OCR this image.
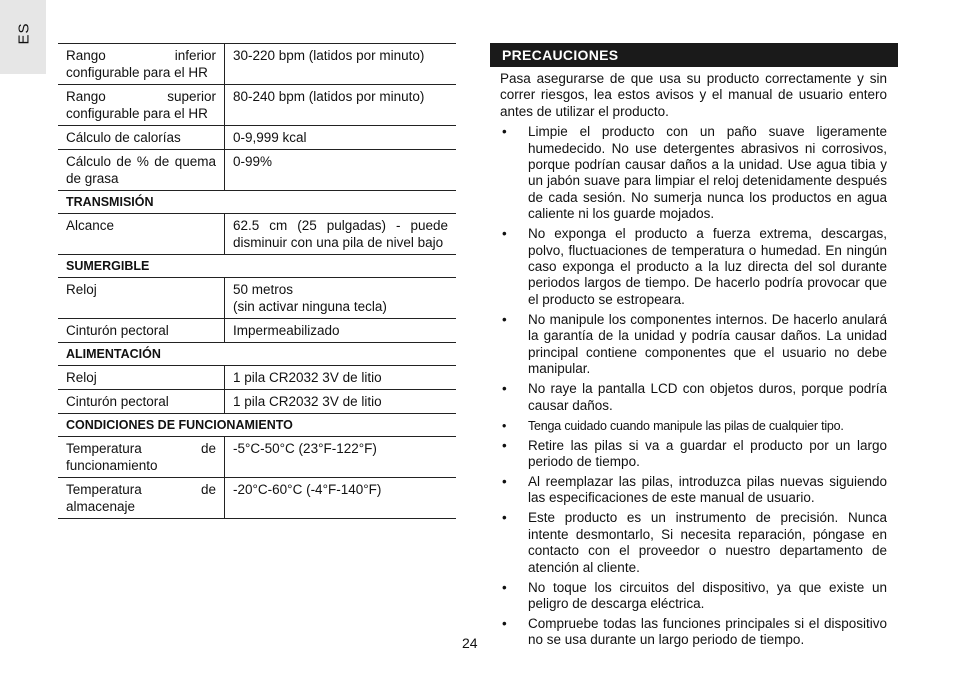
ES
Rango inferior configurable para el HR	30-220 bpm (latidos por minuto)
Rango superior configurable para el HR	80-240 bpm (latidos por minuto)
Cálculo de calorías	0-9,999 kcal
Cálculo de % de quema de grasa	0-99%
TRANSMISIÓN	
Alcance	62.5 cm (25 pulgadas) - puede disminuir con una pila de nivel bajo
SUMERGIBLE	
Reloj	50 metros
(sin activar ninguna tecla)
Cinturón pectoral	Impermeabilizado
ALIMENTACIÓN	
Reloj	1 pila CR2032 3V de litio
Cinturón pectoral	1 pila CR2032 3V de litio
CONDICIONES DE FUNCIONAMIENTO	
Temperatura de funcionamiento	-5°C-50°C (23°F-122°F)
Temperatura de almacenaje	-20°C-60°C (-4°F-140°F)
PRECAUCIONES

Pasa asegurarse de que usa su producto correctamente y sin correr riesgos, lea estos avisos y el manual de usuario entero antes de utilizar el producto.

• Limpie el producto con un paño suave ligeramente humedecido. No use detergentes abrasivos ni corrosivos, porque podrían causar daños a la unidad. Use agua tibia y un jabón suave para limpiar el reloj detenidamente después de cada sesión. No sumerja nunca los productos en agua caliente ni los guarde mojados.
• No exponga el producto a fuerza extrema, descargas, polvo, fluctuaciones de temperatura o humedad. En ningún caso exponga el producto a la luz directa del sol durante periodos largos de tiempo. De hacerlo podría provocar que el producto se estropeara.
• No manipule los componentes internos. De hacerlo anulará la garantía de la unidad y podría causar daños. La unidad principal contiene componentes que el usuario no debe manipular.
• No raye la pantalla LCD con objetos duros, porque podría causar daños.
• Tenga cuidado cuando manipule las pilas de cualquier tipo.
• Retire las pilas si va a guardar el producto por un largo periodo de tiempo.
• Al reemplazar las pilas, introduzca pilas nuevas siguiendo las especificaciones de este manual de usuario.
• Este producto es un instrumento de precisión. Nunca intente desmontarlo, Si necesita reparación, póngase en contacto con el proveedor o nuestro departamento de atención al cliente.
• No toque los circuitos del dispositivo, ya que existe un peligro de descarga eléctrica.
• Compruebe todas las funciones principales si el dispositivo no se usa durante un largo periodo de tiempo.
24
